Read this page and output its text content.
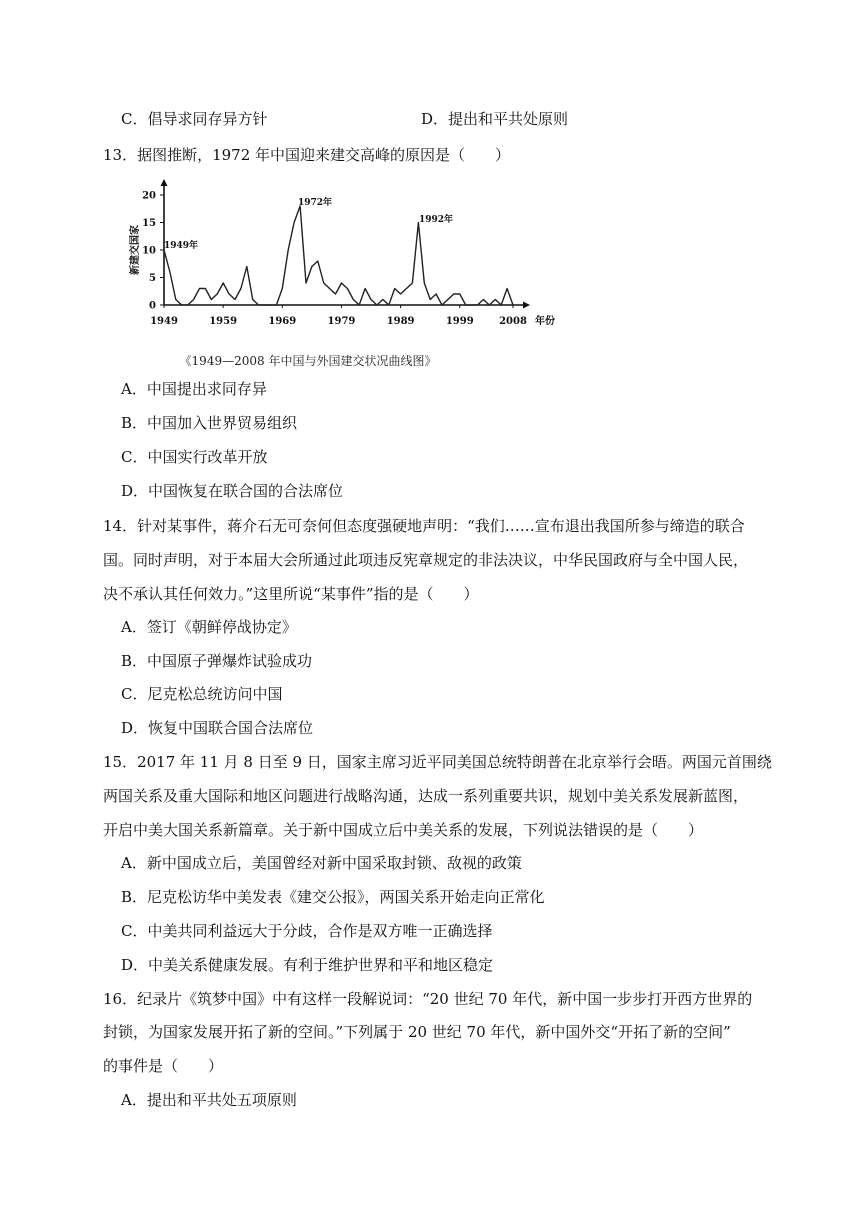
C．倡导求同存异方针	D．提出和平共处原则
13．据图推断，1972 年中国迎来建交高峰的原因是（　　）
0
5
10
15
20
1949	1959	1969	1979	1989	1999	2008 年份
新建交国家	1949年
1972年
1992年
《1949—2008 年中国与外国建交状况曲线图》
A．中国提出求同存异
B．中国加入世界贸易组织
C．中国实行改革开放
D．中国恢复在联合国的合法席位
14．针对某事件，蒋介石无可奈何但态度强硬地声明：“我们……宣布退出我国所参与缔造的联合
国。同时声明，对于本届大会所通过此项违反宪章规定的非法决议，中华民国政府与全中国人民，
决不承认其任何效力。”这里所说“某事件”指的是（　　）
A．签订《朝鲜停战协定》
B．中国原子弹爆炸试验成功
C．尼克松总统访问中国
D．恢复中国联合国合法席位
15．2017 年 11 月 8 日至 9 日，国家主席习近平同美国总统特朗普在北京举行会晤。两国元首围绕
两国关系及重大国际和地区问题进行战略沟通，达成一系列重要共识，规划中美关系发展新蓝图，
开启中美大国关系新篇章。关于新中国成立后中美关系的发展，下列说法错误的是（　　）
A．新中国成立后，美国曾经对新中国采取封锁、敌视的政策
B．尼克松访华中美发表《建交公报》，两国关系开始走向正常化
C．中美共同利益远大于分歧，合作是双方唯一正确选择
D．中美关系健康发展。有利于维护世界和平和地区稳定
16．纪录片《筑梦中国》中有这样一段解说词：“20 世纪 70 年代，新中国一步步打开西方世界的
封锁，为国家发展开拓了新的空间。”下列属于 20 世纪 70 年代，新中国外交“开拓了新的空间”
的事件是（　　）
A．提出和平共处五项原则
